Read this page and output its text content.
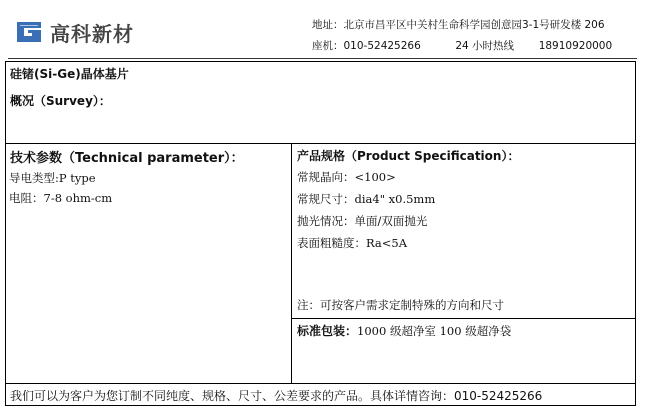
高科新材	地址：北京市昌平区中关村生命科学园创意园3-1号研发楼 206
座机：010-52425266	24 小时热线 18910920000
硅锗(Si-Ge)晶体基片
概况（Survey）：
技术参数（Technical parameter）：
导电类型:P type
电阻：7-8 ohm-cm
产品规格（Product Specification）：
常规晶向：<100>
常规尺寸：dia4" x0.5mm
抛光情况：单面/双面抛光
表面粗糙度：Ra<5A
注：可按客户需求定制特殊的方向和尺寸
标准包装：1000 级超净室 100 级超净袋
我们可以为客户为您订制不同纯度、规格、尺寸、公差要求的产品。具体详情咨询：010-52425266
